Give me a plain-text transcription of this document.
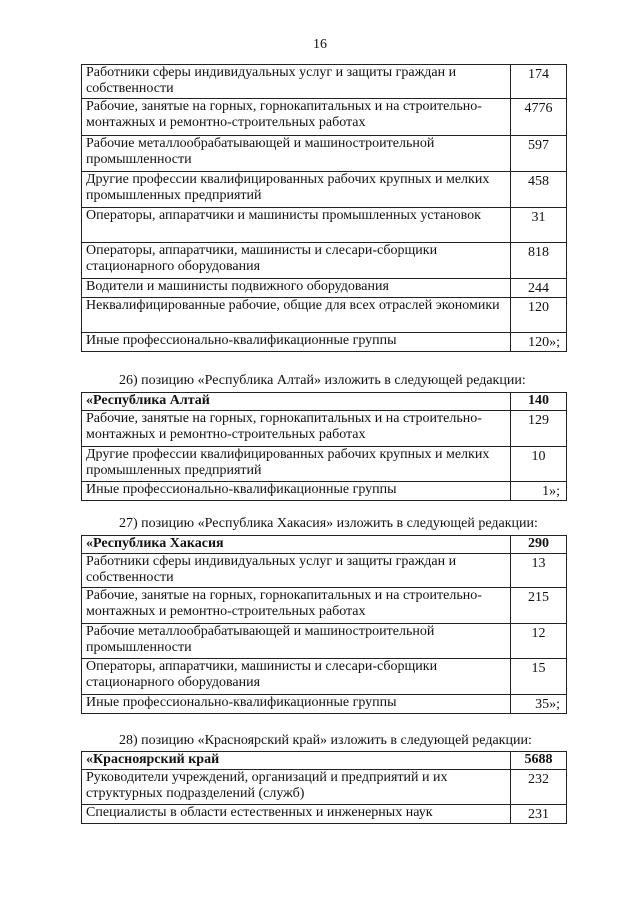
16
Работники сферы индивидуальных услуг и защиты граждан и собственности	174
Рабочие, занятые на горных, горнокапитальных и на строительно-монтажных и ремонтно-строительных работах	4776
Рабочие металлообрабатывающей и машиностроительной промышленности	597
Другие профессии квалифицированных рабочих крупных и мелких промышленных предприятий	458
Операторы, аппаратчики и машинисты промышленных установок	31
Операторы, аппаратчики, машинисты и слесари-сборщики стационарного оборудования	818
Водители и машинисты подвижного оборудования	244
Неквалифицированные рабочие, общие для всех отраслей экономики	120
Иные профессионально-квалификационные группы	120»;
26) позицию «Республика Алтай» изложить в следующей редакции:
«Республика Алтай	140
Рабочие, занятые на горных, горнокапитальных и на строительно-монтажных и ремонтно-строительных работах	129
Другие профессии квалифицированных рабочих крупных и мелких промышленных предприятий	10
Иные профессионально-квалификационные группы	1»;
27) позицию «Республика Хакасия» изложить в следующей редакции:
«Республика Хакасия	290
Работники сферы индивидуальных услуг и защиты граждан и собственности	13
Рабочие, занятые на горных, горнокапитальных и на строительно-монтажных и ремонтно-строительных работах	215
Рабочие металлообрабатывающей и машиностроительной промышленности	12
Операторы, аппаратчики, машинисты и слесари-сборщики стационарного оборудования	15
Иные профессионально-квалификационные группы	35»;
28) позицию «Красноярский край» изложить в следующей редакции:
«Красноярский край	5688
Руководители учреждений, организаций и предприятий и их структурных подразделений (служб)	232
Специалисты в области естественных и инженерных наук	231
